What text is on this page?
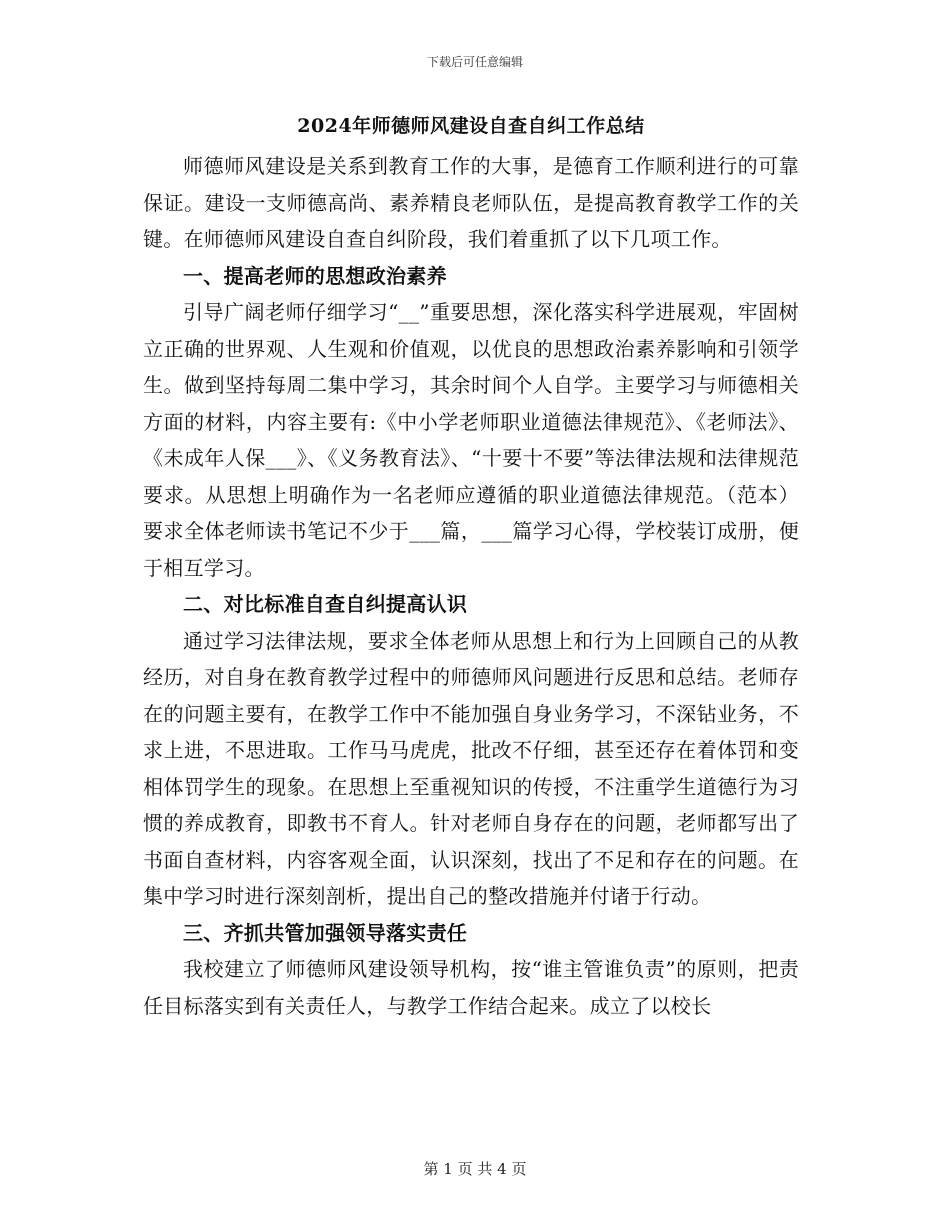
下载后可任意编辑
2024年师德师风建设自查自纠工作总结

师德师风建设是关系到教育工作的大事，是德育工作顺利进行的可靠保证。建设一支师德高尚、素养精良老师队伍，是提高教育教学工作的关键。在师德师风建设自查自纠阶段，我们着重抓了以下几项工作。

一、提高老师的思想政治素养

引导广阔老师仔细学习“__”重要思想，深化落实科学进展观，牢固树立正确的世界观、人生观和价值观，以优良的思想政治素养影响和引领学生。做到坚持每周二集中学习，其余时间个人自学。主要学习与师德相关方面的材料，内容主要有:《中小学老师职业道德法律规范》、《老师法》、《未成年人保___》、《义务教育法》、“十要十不要”等法律法规和法律规范要求。从思想上明确作为一名老师应遵循的职业道德法律规范。（范本）要求全体老师读书笔记不少于___篇，___篇学习心得，学校装订成册，便于相互学习。

二、对比标准自查自纠提高认识

通过学习法律法规，要求全体老师从思想上和行为上回顾自己的从教经历，对自身在教育教学过程中的师德师风问题进行反思和总结。老师存在的问题主要有，在教学工作中不能加强自身业务学习，不深钻业务，不求上进，不思进取。工作马马虎虎，批改不仔细，甚至还存在着体罚和变相体罚学生的现象。在思想上至重视知识的传授，不注重学生道德行为习惯的养成教育，即教书不育人。针对老师自身存在的问题，老师都写出了书面自查材料，内容客观全面，认识深刻，找出了不足和存在的问题。在集中学习时进行深刻剖析，提出自己的整改措施并付诸于行动。

三、齐抓共管加强领导落实责任

我校建立了师德师风建设领导机构，按“谁主管谁负责”的原则，把责任目标落实到有关责任人，与教学工作结合起来。成立了以校长

第 1 页 共 4 页
